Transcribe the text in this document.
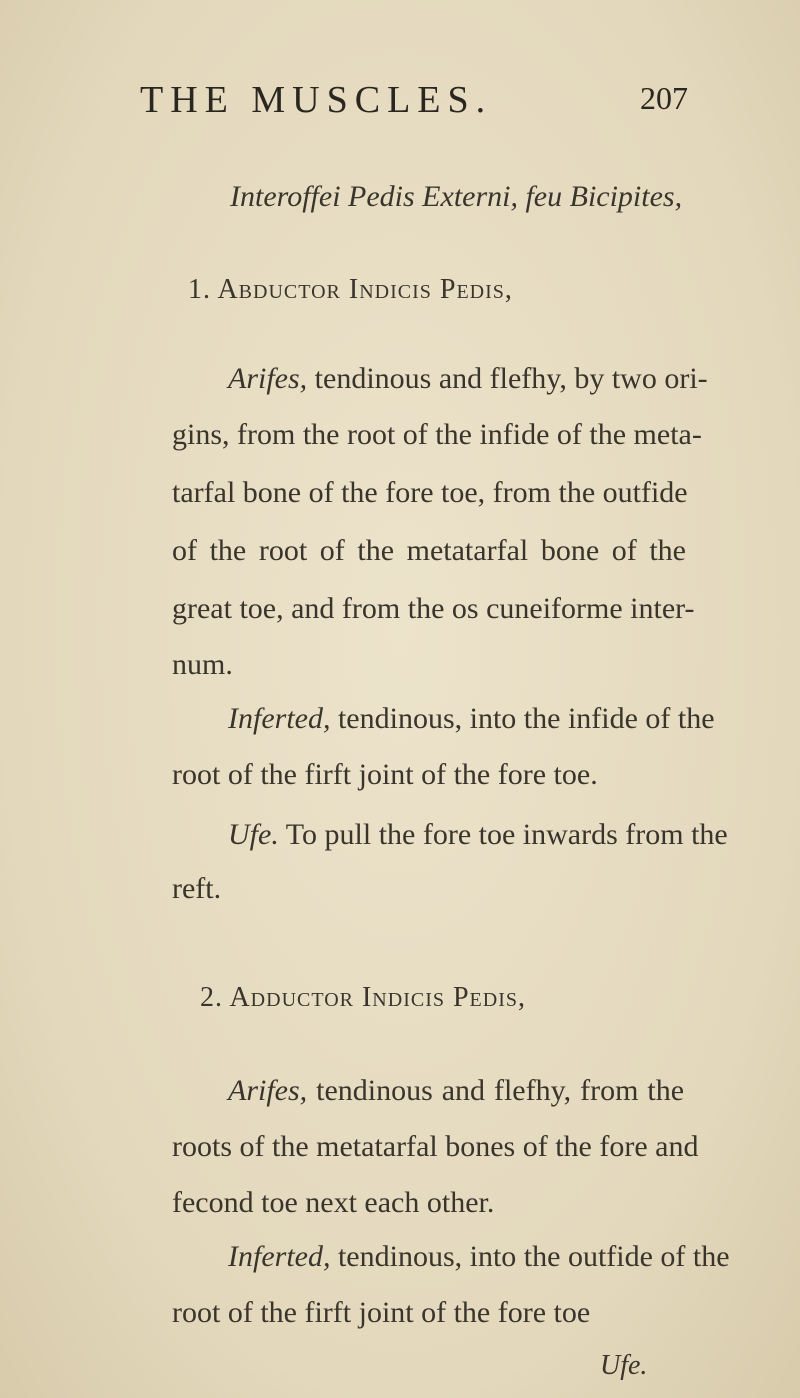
THE MUSCLES.	207
Interoffei Pedis Externi, feu Bicipites,
1. Abductor Indicis Pedis,
Arifes, tendinous and flefhy, by two ori-
gins, from the root of the infide of the meta-
tarfal bone of the fore toe, from the outfide
of the root of the metatarfal bone of the
great toe, and from the os cuneiforme inter-
num.
Inferted, tendinous, into the infide of the
root of the firft joint of the fore toe.
Ufe. To pull the fore toe inwards from the
reft.
2. Adductor Indicis Pedis,
Arifes, tendinous and flefhy, from the
roots of the metatarfal bones of the fore and
fecond toe next each other.
Inferted, tendinous, into the outfide of the
root of the firft joint of the fore toe
Ufe.
